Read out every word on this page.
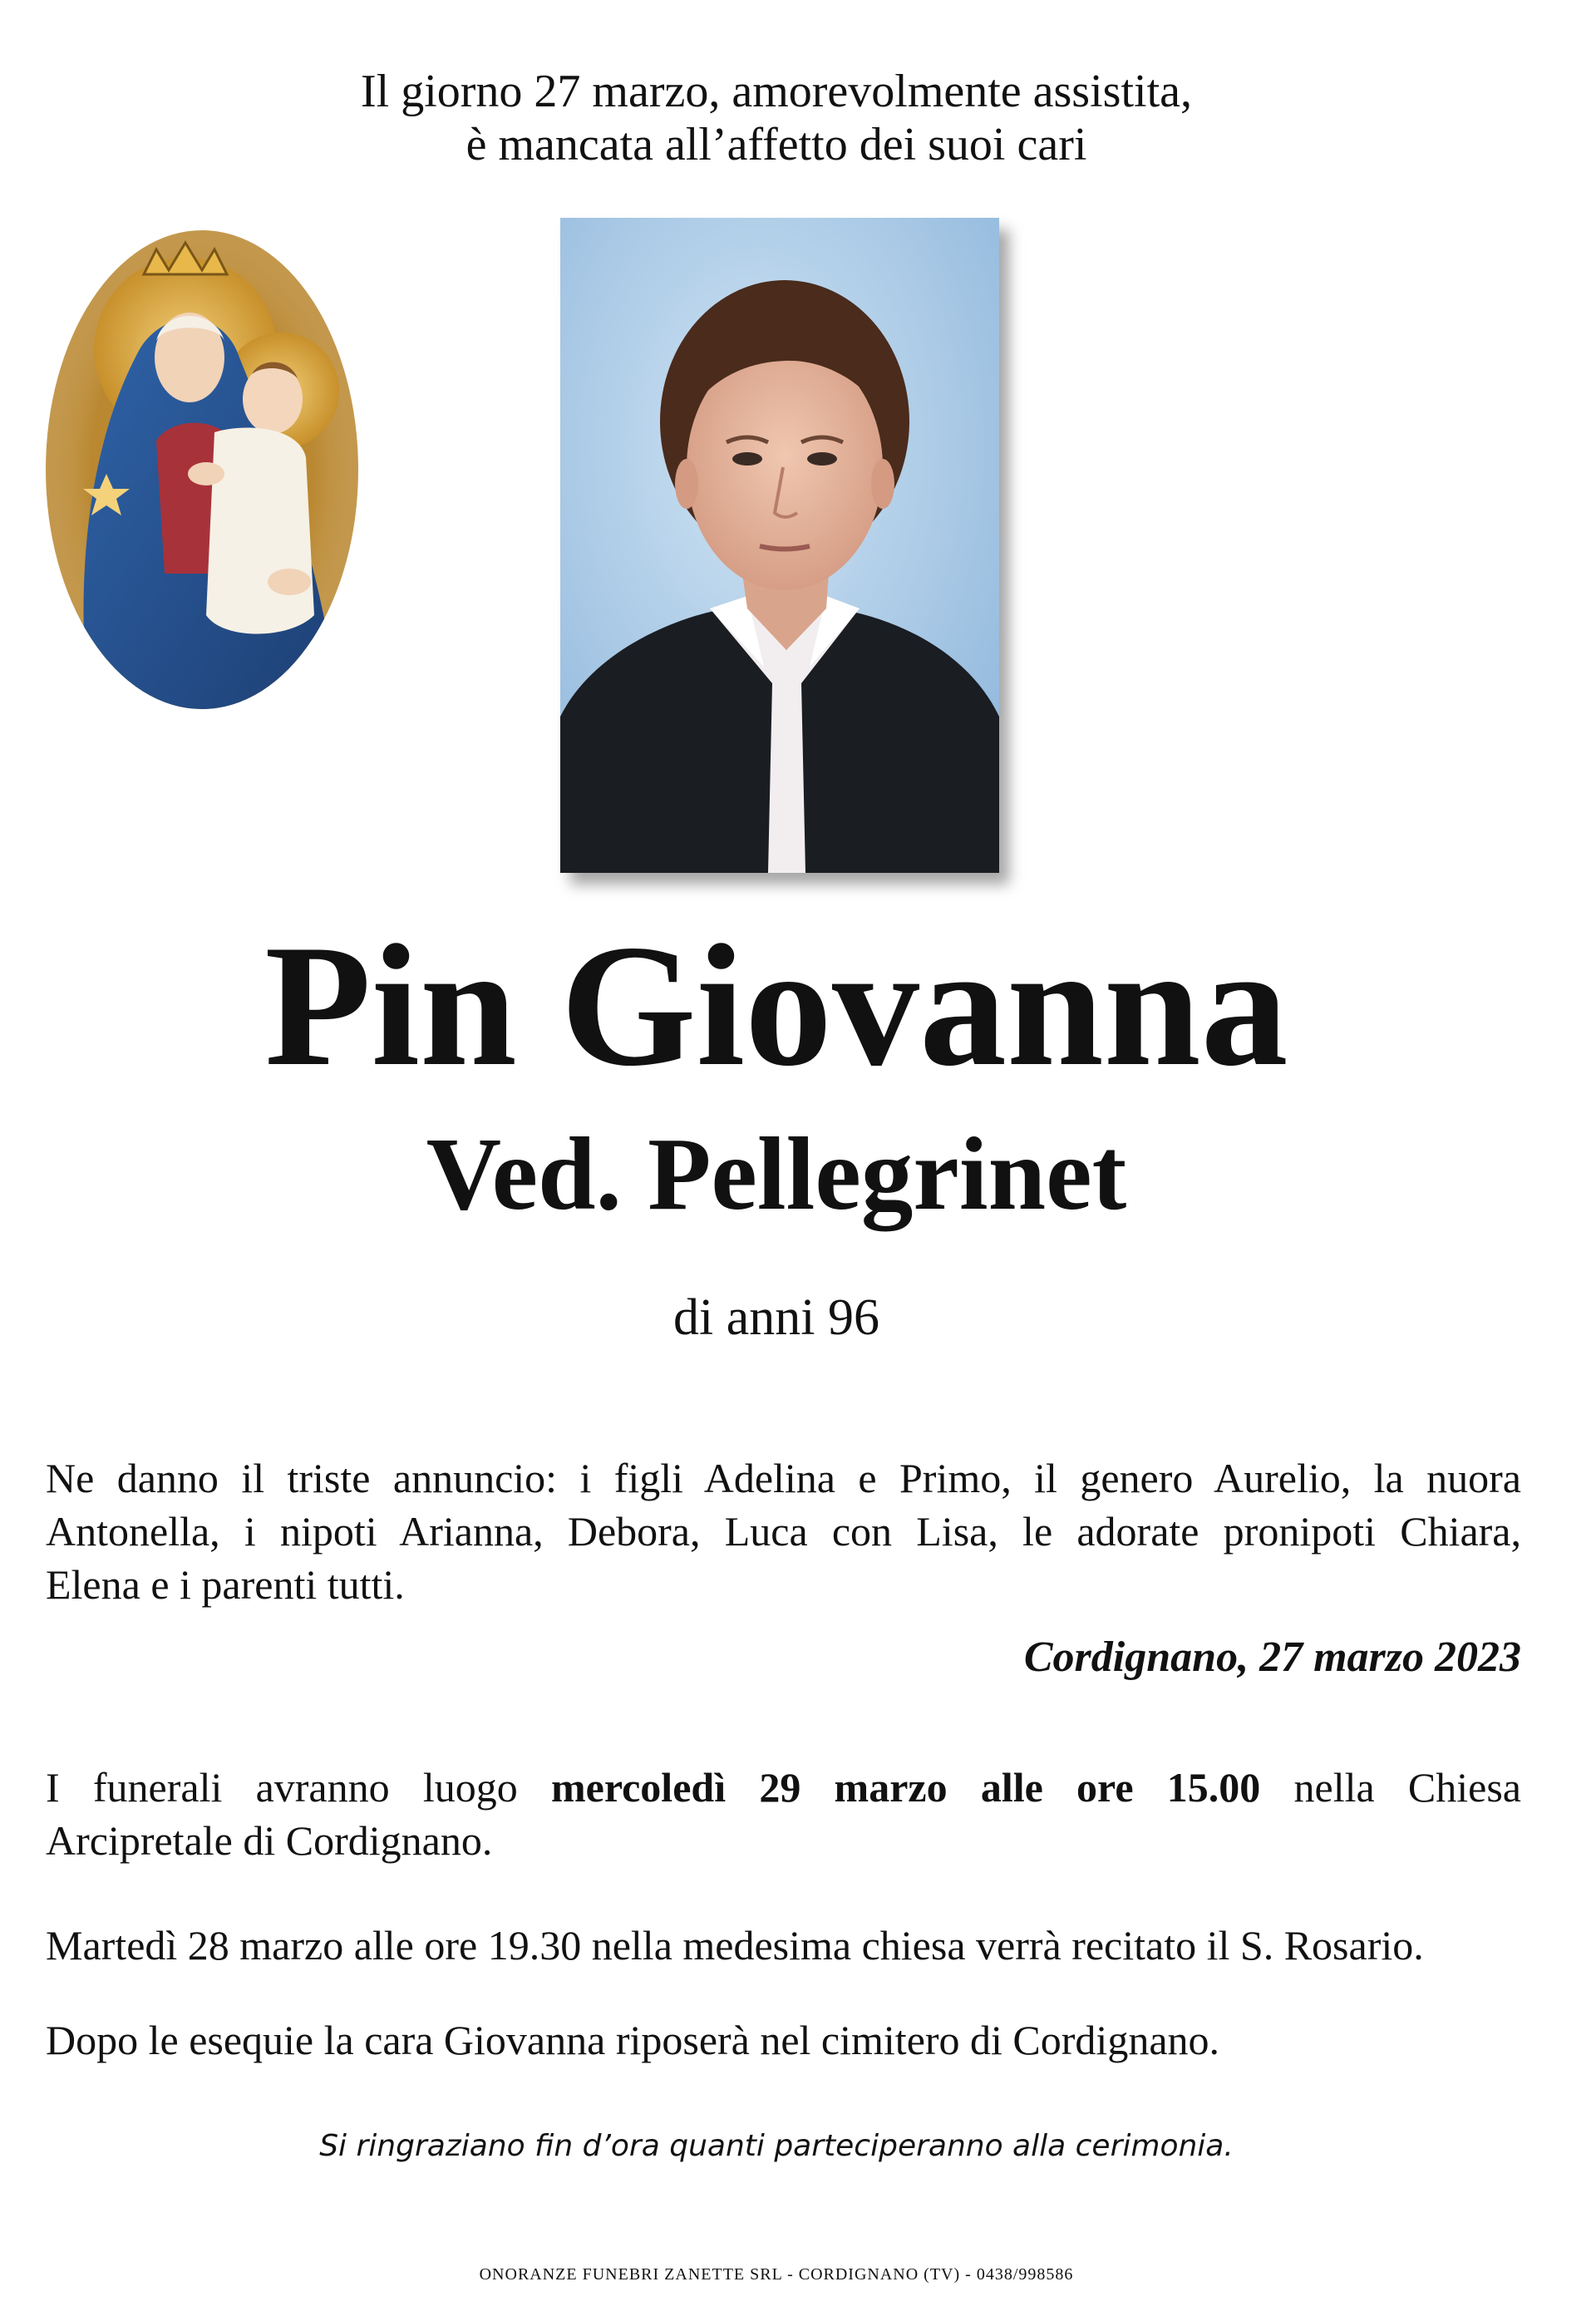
Il giorno 27 marzo, amorevolmente assistita,
è mancata all’affetto dei suoi cari
Pin Giovanna
Ved. Pellegrinet
di anni 96
Ne danno il triste annuncio: i figli Adelina e Primo, il genero Aurelio, la nuora
Antonella, i nipoti Arianna, Debora, Luca con Lisa, le adorate pronipoti Chiara,
Elena e i parenti tutti.
Cordignano, 27 marzo 2023
I funerali avranno luogo mercoledì 29 marzo alle ore 15.00 nella Chiesa
Arcipretale di Cordignano.
Martedì 28 marzo alle ore 19.30 nella medesima chiesa verrà recitato il S. Rosario.
Dopo le esequie la cara Giovanna riposerà nel cimitero di Cordignano.
Si ringraziano fin d’ora quanti parteciperanno alla cerimonia.
ONORANZE FUNEBRI ZANETTE SRL - CORDIGNANO (TV) - 0438/998586
